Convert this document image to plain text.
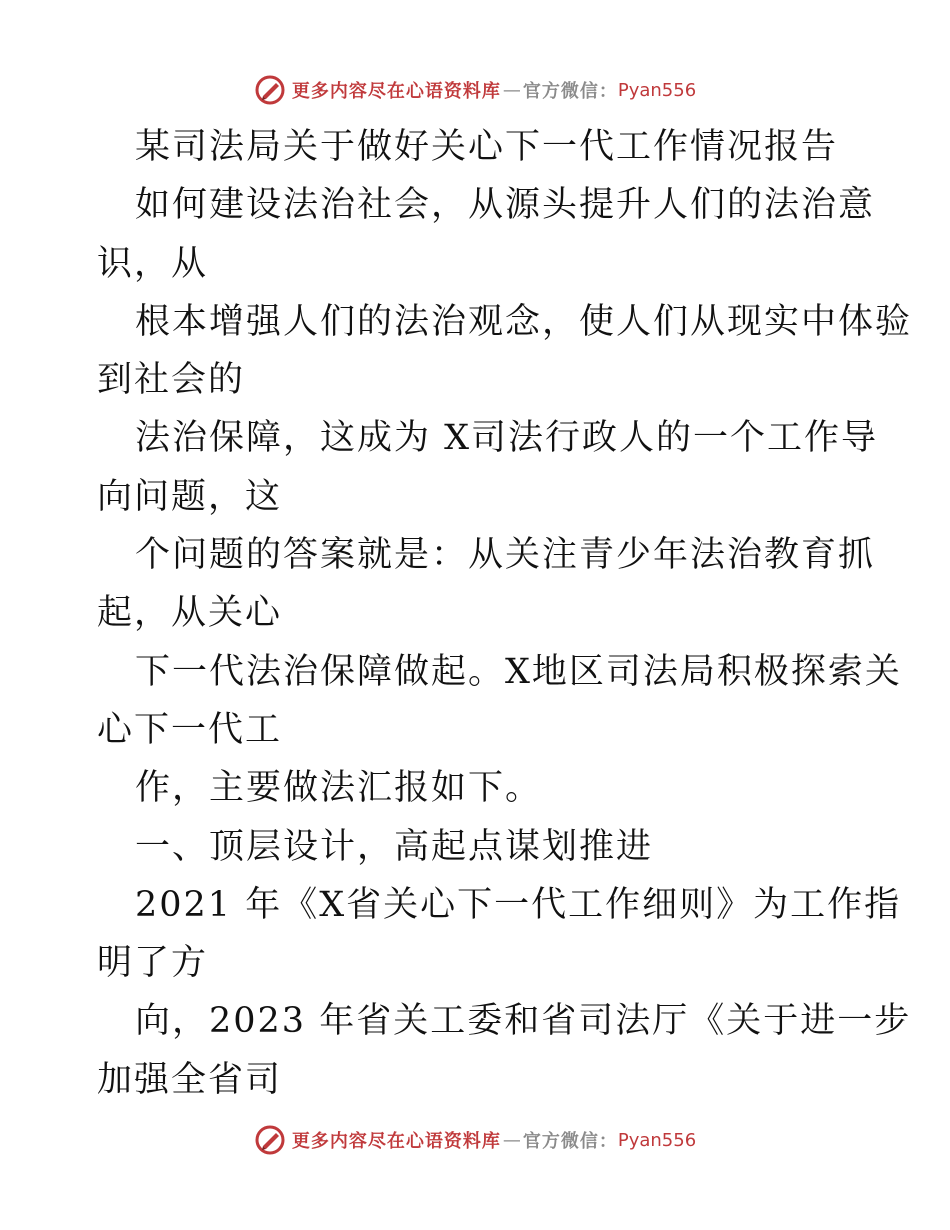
更多内容尽在心语资料库 — 官方微信： Pyan556
某司法局关于做好关心下一代工作情况报告
如何建设法治社会，从源头提升人们的法治意
识，从
根本增强人们的法治观念，使人们从现实中体验
到社会的
法治保障，这成为 X司法行政人的一个工作导
向问题，这
个问题的答案就是：从关注青少年法治教育抓
起，从关心
下一代法治保障做起。X地区司法局积极探索关
心下一代工
作，主要做法汇报如下。
一、顶层设计，高起点谋划推进
2021 年《X省关心下一代工作细则》为工作指
明了方
向，2023 年省关工委和省司法厅《关于进一步
加强全省司
更多内容尽在心语资料库 — 官方微信： Pyan556
